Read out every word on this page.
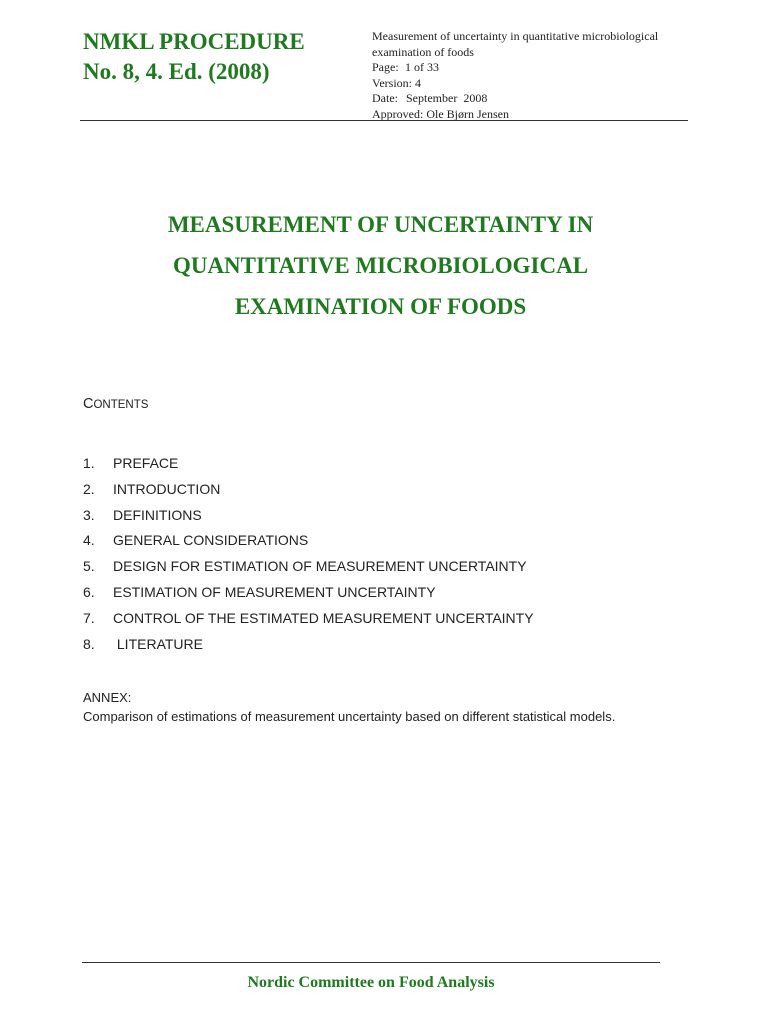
NMKL PROCEDURE
No. 8, 4. Ed. (2008)
Measurement of uncertainty in quantitative microbiological
examination of foods
Page: 1 of 33
Version: 4
Date: September  2008
Approved: Ole Bjørn Jensen
MEASUREMENT OF UNCERTAINTY IN
QUANTITATIVE MICROBIOLOGICAL
EXAMINATION OF FOODS
CONTENTS
1. PREFACE
2. INTRODUCTION
3. DEFINITIONS
4. GENERAL CONSIDERATIONS
5. DESIGN FOR ESTIMATION OF MEASUREMENT UNCERTAINTY
6. ESTIMATION OF MEASUREMENT UNCERTAINTY
7. CONTROL OF THE ESTIMATED MEASUREMENT UNCERTAINTY
8. LITERATURE
ANNEX:
Comparison of estimations of measurement uncertainty based on different statistical models.
Nordic Committee on Food Analysis
